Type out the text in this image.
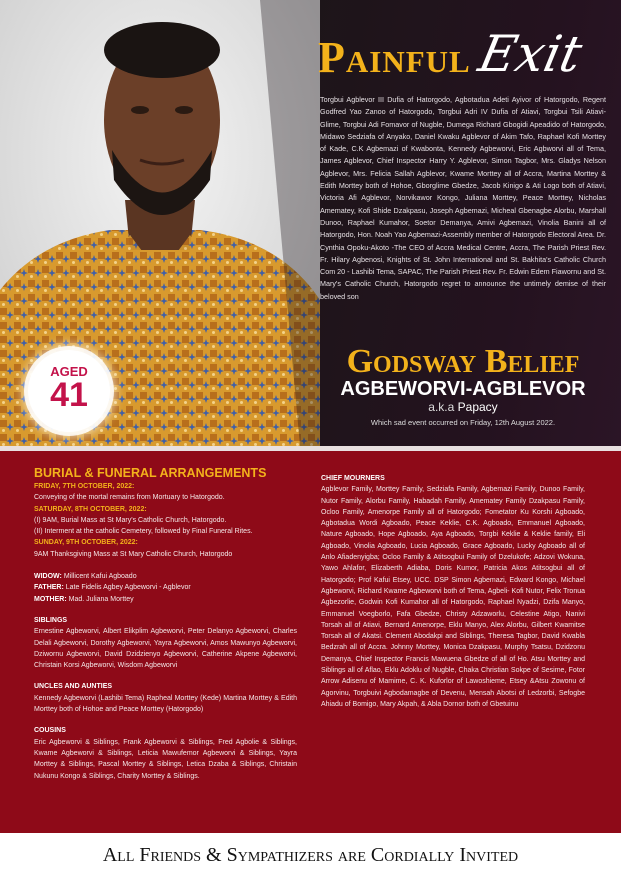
Painful Exit

Torgbui Agblevor III Dufia of Hatorgodo, Agbotadua Adeti Ayivor of Hatorgodo, Regent Godfred Yao Zanoo of Hatorgodo, Torgbui Adri IV Dufia of Atiavi, Torgbui Tsili Atiavi-Glime, Torgbui Adi Fomavor of Nugble, Dumega Richard Gbogidi Apeadido of Hatorgodo, Midawo Sedziafa of Anyako, Daniel Kwaku Agblevor of Akim Tafo, Raphael Kofi Morttey of Kade, C.K Agbemazi of Kwabonta, Kennedy Agbeworvi, Eric Agbworvi all of Tema, James Agblevor, Chief Inspector Harry Y. Agblevor, Simon Tagbor, Mrs. Gladys Nelson Agblevor, Mrs. Felicia Sallah Agblevor, Kwame Morttey all of Accra, Martina Morttey & Edith Morttey both of Hohoe, Gborglime Gbedze, Jacob Kinigo & Ati Logo both of Atiavi, Victoria Afi Agblevor, Norvikawor Kongo, Juliana Morttey, Peace Morttey, Nicholas Amematey, Kofi Shide Dzakpasu, Joseph Agbemazi, Micheal Gbenagbe Alorbu, Marshall Dunoo, Raphael Kumahor, Soetor Demanya, Amivi Agbemazi, Vinolia Banini all of Hatorgodo, Hon. Noah Yao Agbemazi-Assembly member of Hatorgodo Electoral Area. Dr. Cynthia Opoku-Akoto -The CEO of Accra Medical Centre, Accra, The Parish Priest Rev. Fr. Hilary Agbenosi, Knights of St. John International and St. Bakhita's Catholic Church Com 20 - Lashibi Tema, SAPAC, The Parish Priest Rev. Fr. Edwin Edem Fiawornu and St. Mary's Catholic Church, Hatorgodo regret to announce the untimely demise of their beloved son

Godsway Belief
AGBEWORVI-AGBLEVOR
a.k.a Papacy
Which sad event occurred on Friday, 12th August 2022.
AGED
41
BURIAL & FUNERAL ARRANGEMENTS
FRIDAY, 7TH OCTOBER, 2022:
Conveying of the mortal remains from Mortuary to Hatorgodo.
SATURDAY, 8TH OCTOBER, 2022:
(I) 9AM, Burial Mass at St Mary's Catholic Church, Hatorgodo.
(II) Interment at the catholic Cemetery, followed by Final Funeral Rites.
SUNDAY, 9TH OCTOBER, 2022:
9AM Thanksgiving Mass at St Mary Catholic Church, Hatorgodo
WIDOW: Millicent Kafui Agboado
FATHER: Late Fidelis Agbey Agbeworvi - Agblevor
MOTHER: Mad. Juliana Morttey
SIBLINGS

Ernestine Agbeworvi, Albert Elikplim Agbeworvi, Peter Delanyo Agbeworvi, Charles Delali Agbeworvi, Dorothy Agbeworvi, Yayra Agbeworvi, Amos Mawunyo Agbeworvi, Dziwornu Agbeworvi, David Dzidzienyo Agbeworvi, Catherine Akpene Agbeworvi, Christain Korsi Agbeworvi, Wisdom Agbeworvi

UNCLES AND AUNTIES

Kennedy Agbeworvi (Lashibi Tema) Rapheal Morttey (Kede) Martina Morttey & Edith Morttey both of Hohoe and Peace Morttey (Hatorgodo)

COUSINS

Eric Agbeworvi & Siblings, Frank Agbeworvi & Siblings, Fred Agbolie & Siblings, Kwame Agbeworvi & Siblings, Leticia Mawufemor Agbeworvi & Siblings, Yayra Morttey & Siblings, Pascal Morttey & Siblings, Letica Dzaba & Siblings, Christain Nukunu Kongo & Siblings, Charity Morttey & Siblings.

CHIEF MOURNERS

Agblevor Family, Morttey Family, Sedziafa Family, Agbemazi Family, Dunoo Family, Nutor Family, Alorbu Family, Habadah Family, Amematey Family Dzakpasu Family, Ocloo Family, Amenorpe Family all of Hatorgodo; Fometator Ku Korshi Agboado, Agbotadua Wordi Agboado, Peace Keklie, C.K. Agboado, Emmanuel Agboado, Nature Agboado, Hope Agboado, Aya Agboado, Torgbi Keklie & Keklie family, Eli Agboado, Vinolia Agboado, Lucia Agboado, Grace Agboado, Lucky Agboado all of Anlo Afiadenyigba; Ocloo Family & Atitsogbui Family of Dzelukofe; Adzovi Wokuna, Yawo Ahlafor, Elizaberth Adiaba, Doris Kumor, Patricia Akos Atitsogbui all of Hatorgodo; Prof Kafui Etsey, UCC. DSP Simon Agbemazi, Edward Kongo, Michael Agbeworvi, Richard Kwame Agbeworvi both of Tema, Agbeli- Kofi Nutor, Felix Tronua Agbezorlie, Godwin Kofi Kumahor all of Hatorgodo, Raphael Nyadzi, Dzifa Manyo, Emmanuel Voegborlo, Fafa Gbedze, Christy Adzaworlu, Celestine Atigo, Nanivi Torsah all of Atiavi, Bernard Amenorpe, Eklu Manyo, Alex Alorbu, Gilbert Kwamitse Torsah all of Akatsi. Clement Abodakpi and Siblings, Theresa Tagbor, David Kwabla Bedzrah all of Accra. Johnny Morttey, Monica Dzakpasu, Murphy Tsatsu, Dzidzonu Demanya, Chief Inspector Francis Mawuena Gbedze of all of Ho. Atsu Morttey and Siblings all of Aflao, Eklu Adoklu of Nugble, Chaka Christian Sokpe of Sesime, Fotor Arrow Adisenu of Mamime, C. K. Kuforlor of Lawoshieme, Etsey &Atsu Zowonu of Agorvinu, Torgbuivi Agbodamagbe of Devenu, Mensah Abotsi of Ledzorbi, Sefogbe Ahiadu of Bomigo, Mary Akpah, & Abla Dornor both of Gbetuinu

All Friends & Sympathizers are Cordially Invited
